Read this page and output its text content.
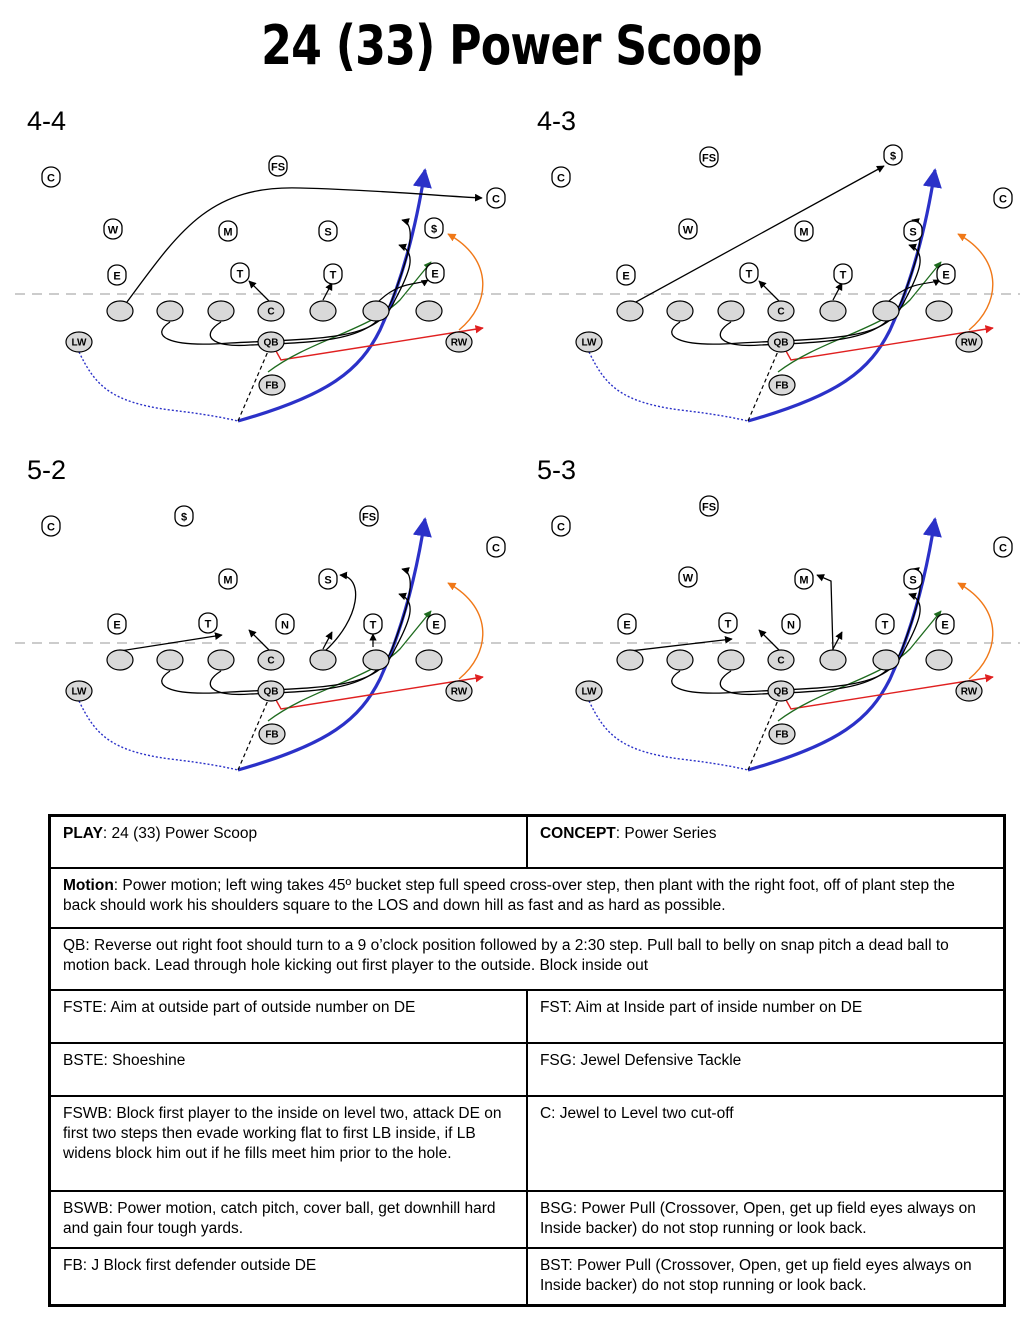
24 (33) Power Scoop
4-4	4-3
5-2	5-3
C
LW	QB	RW
FB
C
FS
C
W	M	S	$
E	T	T	E
C
LW	QB	RW
FB
FS	$
C
C
W	M	S
E	T	T	E
C
LW	QB	RW
FB
$	FS
C
C
M	S
E	T	N	T	E
C
LW	QB	RW
FB
FS
C
C
W	M	S
E	T	N	T	E
PLAY: 24 (33) Power Scoop	CONCEPT: Power Series
Motion: Power motion; left wing takes 45º bucket step full speed cross-over step, then plant with the right foot, off of plant step the back should work his shoulders square to the LOS and down hill as fast and as hard as possible.	
QB: Reverse out right foot should turn to a 9 o’clock position followed by a 2:30 step. Pull ball to belly on snap pitch a dead ball to motion back. Lead through hole kicking out first player to the outside. Block inside out	
FSTE: Aim at outside part of outside number on DE	FST: Aim at Inside part of inside number on DE
BSTE: Shoeshine	FSG: Jewel Defensive Tackle
FSWB: Block first player to the inside on level two, attack DE on first two steps then evade working flat to first LB inside, if LB widens block him out if he fills meet him prior to the hole.	C: Jewel to Level two cut-off
BSWB: Power motion, catch pitch, cover ball, get downhill hard and gain four tough yards.	BSG: Power Pull (Crossover, Open, get up field eyes always on Inside backer) do not stop running or look back.
FB: J Block first defender outside DE	BST: Power Pull (Crossover, Open, get up field eyes always on Inside backer) do not stop running or look back.
